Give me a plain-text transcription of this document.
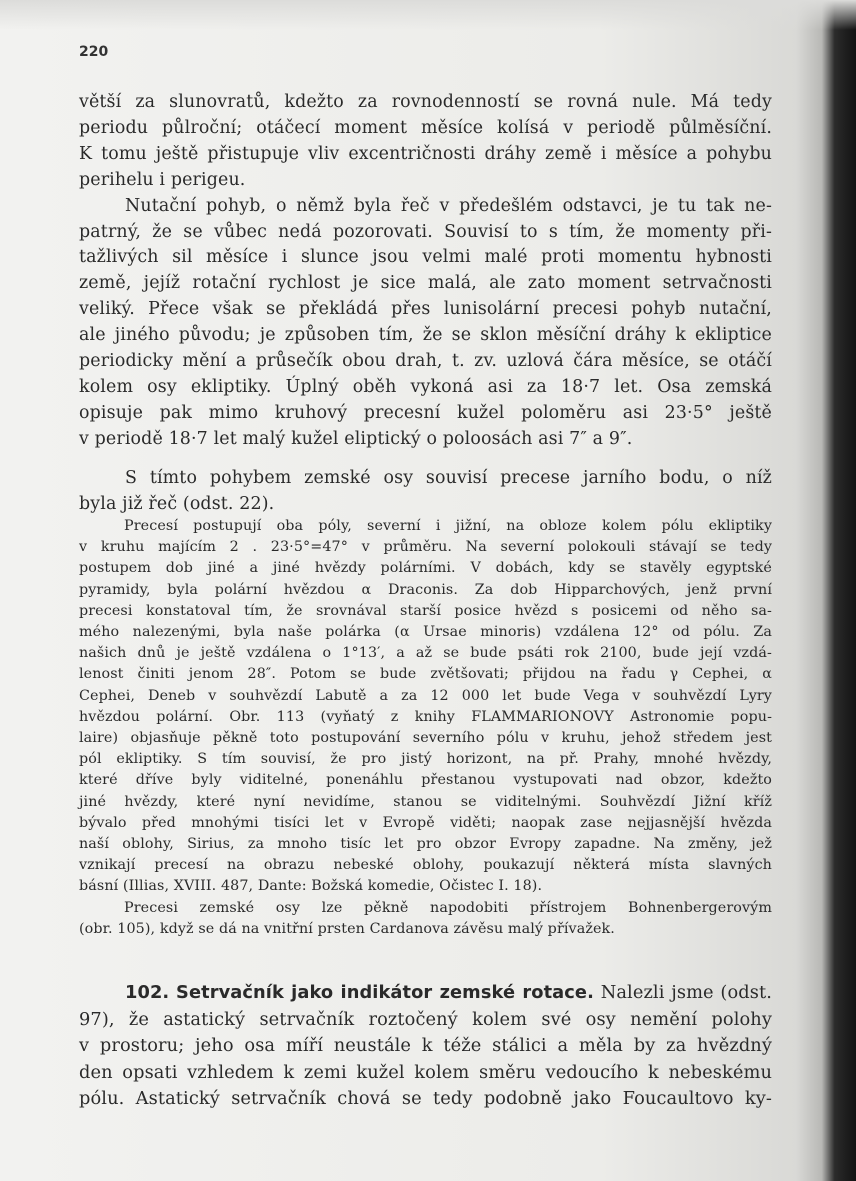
220
větší za slunovratů, kdežto za rovnodenností se rovná nule. Má tedy
periodu půlroční; otáčecí moment měsíce kolísá v periodě půlměsíční.
K tomu ještě přistupuje vliv excentričnosti dráhy země i měsíce a pohybu
perihelu i perigeu.
Nutační pohyb, o němž byla řeč v předešlém odstavci, je tu tak ne-
patrný, že se vůbec nedá pozorovati. Souvisí to s tím, že momenty při-
tažlivých sil měsíce i slunce jsou velmi malé proti momentu hybnosti
země, jejíž rotační rychlost je sice malá, ale zato moment setrvačnosti
veliký. Přece však se překládá přes lunisolární precesi pohyb nutační,
ale jiného původu; je způsoben tím, že se sklon měsíční dráhy k ekliptice
periodicky mění a průsečík obou drah, t. zv. uzlová čára měsíce, se otáčí
kolem osy ekliptiky. Úplný oběh vykoná asi za 18·7 let. Osa zemská
opisuje pak mimo kruhový precesní kužel poloměru asi 23·5° ještě
v periodě 18·7 let malý kužel eliptický o poloosách asi 7″ a 9″.
S tímto pohybem zemské osy souvisí precese jarního bodu, o níž
byla již řeč (odst. 22).
Precesí postupují oba póly, severní i jižní, na obloze kolem pólu ekliptiky
v kruhu majícím 2 . 23·5°=47° v průměru. Na severní polokouli stávají se tedy
postupem dob jiné a jiné hvězdy polárními. V dobách, kdy se stavěly egyptské
pyramidy, byla polární hvězdou α Draconis. Za dob Hipparchových, jenž první
precesi konstatoval tím, že srovnával starší posice hvězd s posicemi od něho sa-
mého nalezenými, byla naše polárka (α Ursae minoris) vzdálena 12° od pólu. Za
našich dnů je ještě vzdálena o 1°13′, a až se bude psáti rok 2100, bude její vzdá-
lenost činiti jenom 28″. Potom se bude zvětšovati; přijdou na řadu γ Cephei, α
Cephei, Deneb v souhvězdí Labutě a za 12 000 let bude Vega v souhvězdí Lyry
hvězdou polární. Obr. 113 (vyňatý z knihy FLAMMARIONOVY Astronomie popu-
laire) objasňuje pěkně toto postupování severního pólu v kruhu, jehož středem jest
pól ekliptiky. S tím souvisí, že pro jistý horizont, na př. Prahy, mnohé hvězdy,
které dříve byly viditelné, ponenáhlu přestanou vystupovati nad obzor, kdežto
jiné hvězdy, které nyní nevidíme, stanou se viditelnými. Souhvězdí Jižní kříž
bývalo před mnohými tisíci let v Evropě viděti; naopak zase nejjasnější hvězda
naší oblohy, Sirius, za mnoho tisíc let pro obzor Evropy zapadne. Na změny, jež
vznikají precesí na obrazu nebeské oblohy, poukazují některá místa slavných
básní (Illias, XVIII. 487, Dante: Božská komedie, Očistec I. 18).
Precesi zemské osy lze pěkně napodobiti přístrojem Bohnenbergerovým
(obr. 105), když se dá na vnitřní prsten Cardanova závěsu malý přívažek.
102. Setrvačník jako indikátor zemské rotace. Nalezli jsme (odst.
97), že astatický setrvačník roztočený kolem své osy nemění polohy
v prostoru; jeho osa míří neustále k téže stálici a měla by za hvězdný
den opsati vzhledem k zemi kužel kolem směru vedoucího k nebeskému
pólu. Astatický setrvačník chová se tedy podobně jako Foucaultovo ky-
